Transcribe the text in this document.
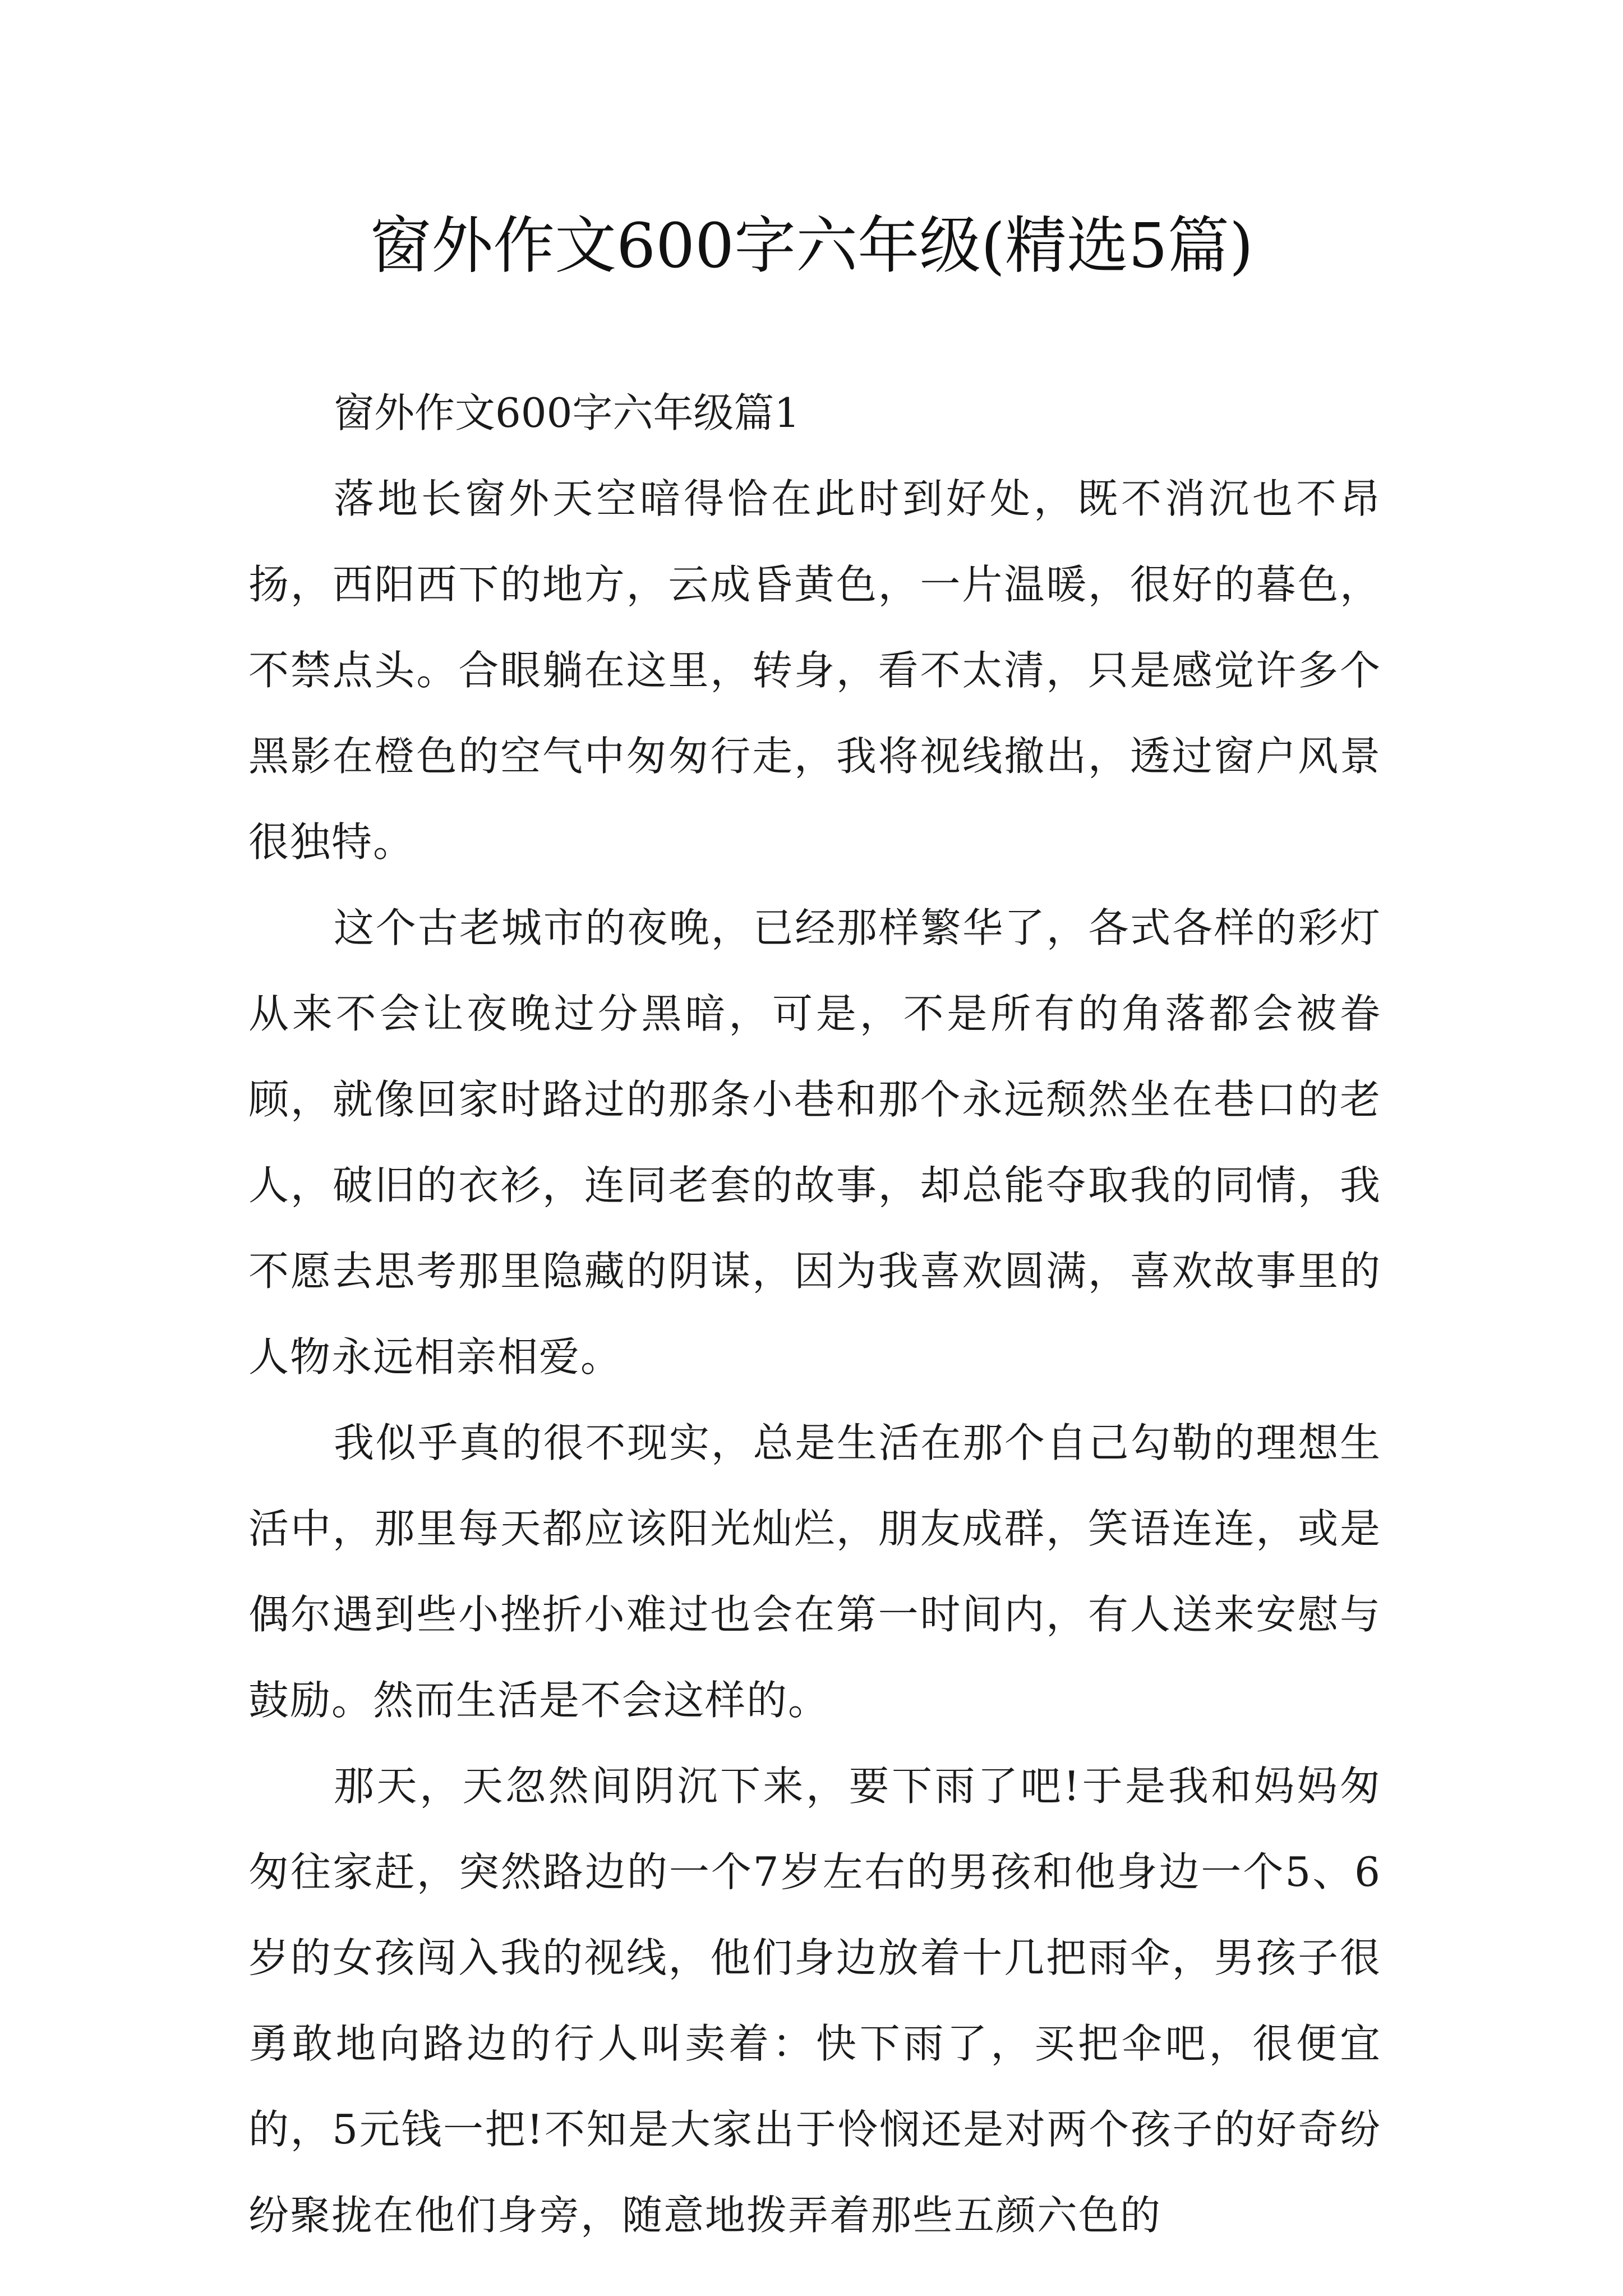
窗外作文600字六年级(精选5篇)

窗外作文600字六年级篇1

落地长窗外天空暗得恰在此时到好处，既不消沉也不昂扬，西阳西下的地方，云成昏黄色，一片温暖，很好的暮色，不禁点头。合眼躺在这里，转身，看不太清，只是感觉许多个黑影在橙色的空气中匆匆行走，我将视线撤出，透过窗户风景很独特。

这个古老城市的夜晚，已经那样繁华了，各式各样的彩灯从来不会让夜晚过分黑暗，可是，不是所有的角落都会被眷顾，就像回家时路过的那条小巷和那个永远颓然坐在巷口的老人，破旧的衣衫，连同老套的故事，却总能夺取我的同情，我不愿去思考那里隐藏的阴谋，因为我喜欢圆满，喜欢故事里的人物永远相亲相爱。

我似乎真的很不现实，总是生活在那个自己勾勒的理想生活中，那里每天都应该阳光灿烂，朋友成群，笑语连连，或是偶尔遇到些小挫折小难过也会在第一时间内，有人送来安慰与鼓励。然而生活是不会这样的。

那天，天忽然间阴沉下来，要下雨了吧!于是我和妈妈匆匆往家赶，突然路边的一个7岁左右的男孩和他身边一个5、6岁的女孩闯入我的视线，他们身边放着十几把雨伞，男孩子很勇敢地向路边的行人叫卖着：快下雨了，买把伞吧，很便宜的，5元钱一把!不知是大家出于怜悯还是对两个孩子的好奇纷纷聚拢在他们身旁，随意地拨弄着那些五颜六色的
